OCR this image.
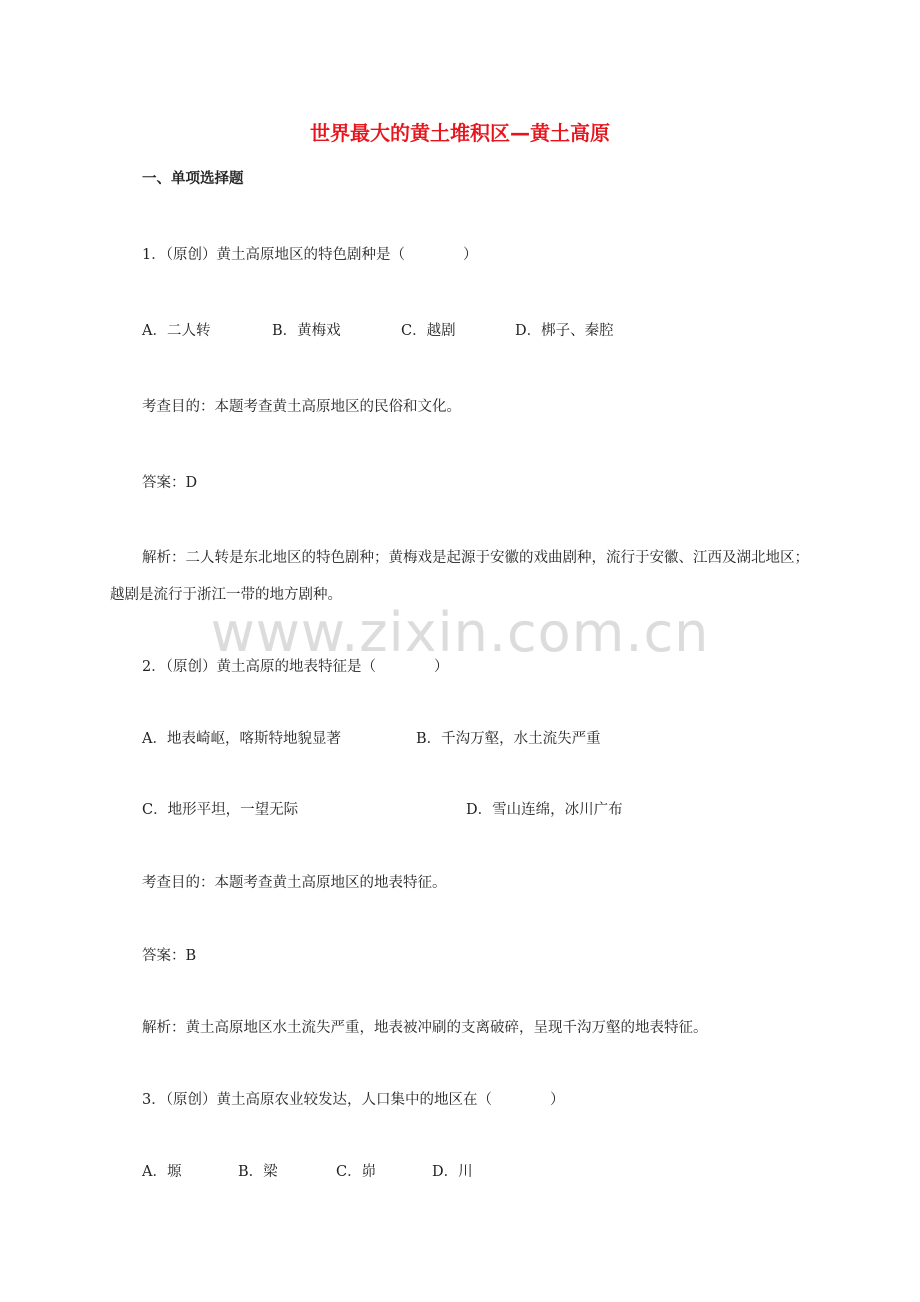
世界最大的黄土堆积区—黄土高原
一、单项选择题
1．（原创）黄土高原地区的特色剧种是（　　　　）
A．二人转	B．黄梅戏	C．越剧	D．梆子、秦腔
考查目的：本题考查黄土高原地区的民俗和文化。
答案：D
解析：二人转是东北地区的特色剧种；黄梅戏是起源于安徽的戏曲剧种，流行于安徽、江西及湖北地区；越剧是流行于浙江一带的地方剧种。
www.zixin.com.cn
2．（原创）黄土高原的地表特征是（　　　　）
A．地表崎岖，喀斯特地貌显著	B．千沟万壑，水土流失严重
C．地形平坦，一望无际	D．雪山连绵，冰川广布
考查目的：本题考查黄土高原地区的地表特征。
答案：B
解析：黄土高原地区水土流失严重，地表被冲刷的支离破碎，呈现千沟万壑的地表特征。
3．（原创）黄土高原农业较发达，人口集中的地区在（　　　　）
A．塬	B．梁	C．峁	D．川
